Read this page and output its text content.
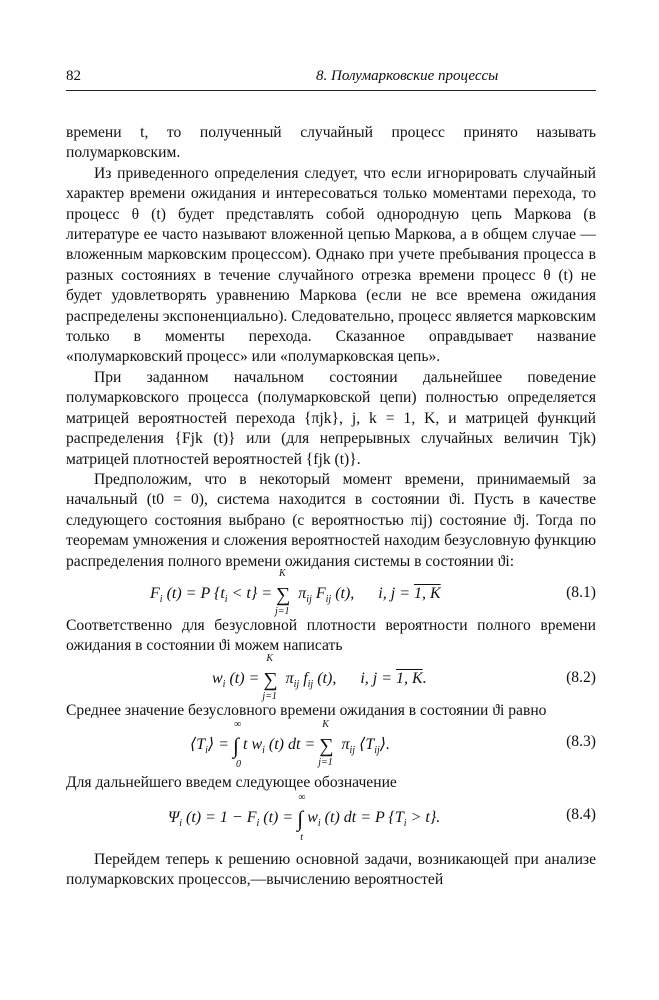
82	8. Полумарковские процессы

времени t, то полученный случайный процесс принято называть полумарковским.

Из приведенного определения следует, что если игнорировать случайный характер времени ожидания и интересоваться только моментами перехода, то процесс θ (t) будет представлять собой однородную цепь Маркова (в литературе ее часто называют вложенной цепью Маркова, а в общем случае — вложенным марковским процессом). Однако при учете пребывания процесса в разных состояниях в течение случайного отрезка времени процесс θ (t) не будет удовлетворять уравнению Маркова (если не все времена ожидания распределены экспоненциально). Следовательно, процесс является марковским только в моменты перехода. Сказанное оправдывает название «полумарковский процесс» или «полумарковская цепь».

При заданном начальном состоянии дальнейшее поведение полумарковского процесса (полумарковской цепи) полностью определяется матрицей вероятностей перехода {πjk}, j, k = 1, K, и матрицей функций распределения {Fjk (t)} или (для непрерывных случайных величин Tjk) матрицей плотностей вероятностей {fjk (t)}.

Предположим, что в некоторый момент времени, принимаемый за начальный (t0 = 0), система находится в состоянии ϑi. Пусть в качестве следующего состояния выбрано (с вероятностью πij) состояние ϑj. Тогда по теоремам умножения и сложения вероятностей находим безусловную функцию распределения полного времени ожидания системы в состоянии ϑi:

$F_i$ (t) = P $\{t_i < t\}$ = ∑
K
j=1
$\pi_{ij}$ $F_{ij}$ (t),      i, j = 1, K	(8.1)

Соответственно для безусловной плотности вероятности полного времени ожидания в состоянии ϑi можем написать

$w_i$ (t) = ∑
K
j=1
$\pi_{ij}$ $f_{ij}$ (t),      i, j = 1, K.	(8.2)

Среднее значение безусловного времени ожидания в состоянии ϑi равно

$⟨T_i⟩$ = ∫
∞
0
t $w_i$ (t) dt = ∑
K
j=1
$\pi_{ij}$ $⟨T_{ij}⟩$.	(8.3)

Для дальнейшего введем следующее обозначение

$\Psi_i$ $(t) = 1 - F_i$ (t) = ∫
∞
t
$w_i$ (t) dt = P $\{T_i > t\}$.	(8.4)

Перейдем теперь к решению основной задачи, возникающей при анализе полумарковских процессов,—вычислению вероятностей
